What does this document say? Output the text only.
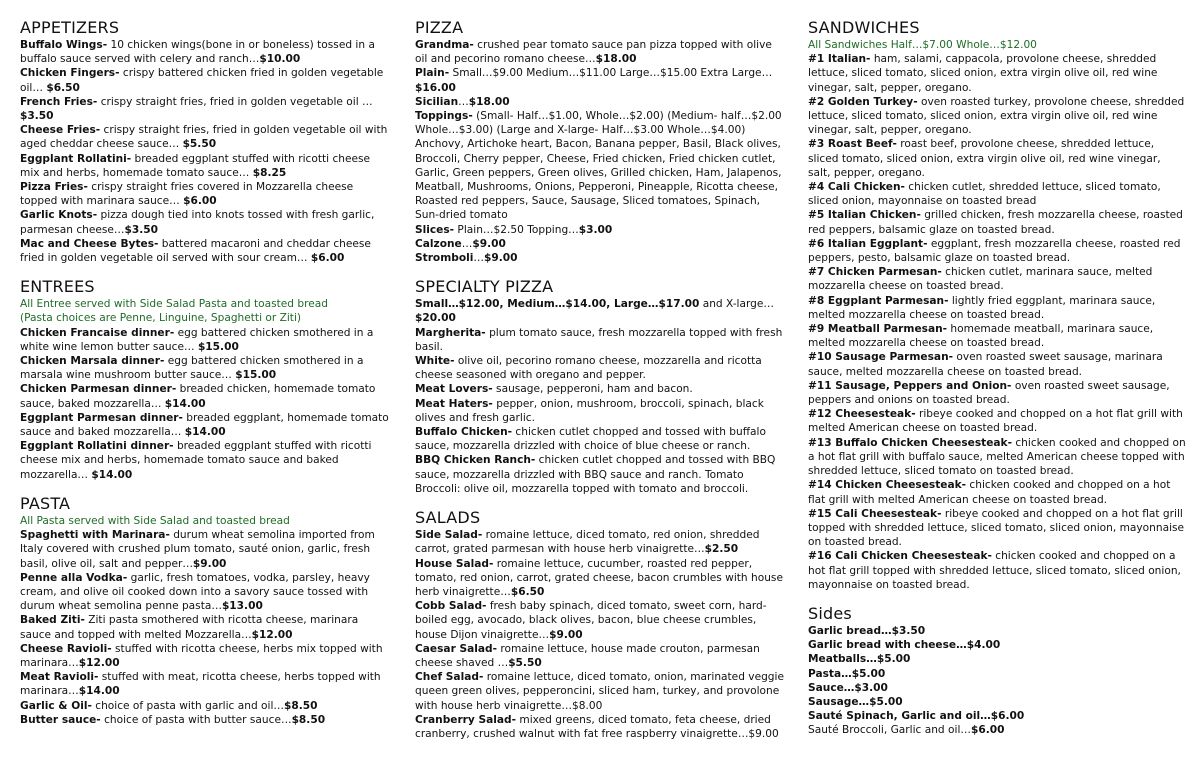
APPETIZERS
Buffalo Wings- 10 chicken wings(bone in or boneless) tossed in a buffalo sauce served with celery and ranch…$10.00
Chicken Fingers- crispy battered chicken fried in golden vegetable oil… $6.50
French Fries- crispy straight fries, fried in golden vegetable oil … $3.50
Cheese Fries- crispy straight fries, fried in golden vegetable oil with aged cheddar cheese sauce… $5.50
Eggplant Rollatini- breaded eggplant stuffed with ricotti cheese mix and herbs, homemade tomato sauce… $8.25
Pizza Fries- crispy straight fries covered in Mozzarella cheese topped with marinara sauce… $6.00
Garlic Knots- pizza dough tied into knots tossed with fresh garlic, parmesan cheese…$3.50
Mac and Cheese Bytes- battered macaroni and cheddar cheese fried in golden vegetable oil served with sour cream… $6.00
ENTREES
All Entree served with Side Salad Pasta and toasted bread
(Pasta choices are Penne, Linguine, Spaghetti or Ziti)
Chicken Francaise dinner- egg battered chicken smothered in a white wine lemon butter sauce… $15.00
Chicken Marsala dinner- egg battered chicken smothered in a marsala wine mushroom butter sauce… $15.00
Chicken Parmesan dinner- breaded chicken, homemade tomato sauce, baked mozzarella… $14.00
Eggplant Parmesan dinner- breaded eggplant, homemade tomato sauce and baked mozzarella… $14.00
Eggplant Rollatini dinner- breaded eggplant stuffed with ricotti cheese mix and herbs, homemade tomato sauce and baked mozzarella… $14.00
PASTA
All Pasta served with Side Salad and toasted bread
Spaghetti with Marinara- durum wheat semolina imported from Italy covered with crushed plum tomato, sauté onion, garlic, fresh basil, olive oil, salt and pepper…$9.00
Penne alla Vodka- garlic, fresh tomatoes, vodka, parsley, heavy cream, and olive oil cooked down into a savory sauce tossed with durum wheat semolina penne pasta…$13.00
Baked Ziti- Ziti pasta smothered with ricotta cheese, marinara sauce and topped with melted Mozzarella…$12.00
Cheese Ravioli- stuffed with ricotta cheese, herbs mix topped with marinara…$12.00
Meat Ravioli- stuffed with meat, ricotta cheese, herbs topped with marinara…$14.00
Garlic & Oil- choice of pasta with garlic and oil…$8.50
Butter sauce- choice of pasta with butter sauce…$8.50
PIZZA
Grandma- crushed pear tomato sauce pan pizza topped with olive oil and pecorino romano cheese…$18.00
Plain- Small…$9.00 Medium…$11.00 Large…$15.00 Extra Large…$16.00
Sicilian…$18.00
Toppings- (Small- Half…$1.00, Whole…$2.00) (Medium- half…$2.00 Whole…$3.00) (Large and X-large- Half…$3.00 Whole…$4.00)
Anchovy, Artichoke heart, Bacon, Banana pepper, Basil, Black olives, Broccoli, Cherry pepper, Cheese, Fried chicken, Fried chicken cutlet, Garlic, Green peppers, Green olives, Grilled chicken, Ham, Jalapenos, Meatball, Mushrooms, Onions, Pepperoni, Pineapple, Ricotta cheese, Roasted red peppers, Sauce, Sausage, Sliced tomatoes, Spinach, Sun-dried tomato
Slices- Plain…$2.50 Topping…$3.00
Calzone…$9.00
Stromboli…$9.00
SPECIALTY PIZZA
Small…$12.00, Medium…$14.00, Large…$17.00 and X-large…$20.00
Margherita- plum tomato sauce, fresh mozzarella topped with fresh basil.
White- olive oil, pecorino romano cheese, mozzarella and ricotta cheese seasoned with oregano and pepper.
Meat Lovers- sausage, pepperoni, ham and bacon.
Meat Haters- pepper, onion, mushroom, broccoli, spinach, black olives and fresh garlic.
Buffalo Chicken- chicken cutlet chopped and tossed with buffalo sauce, mozzarella drizzled with choice of blue cheese or ranch.
BBQ Chicken Ranch- chicken cutlet chopped and tossed with BBQ sauce, mozzarella drizzled with BBQ sauce and ranch. Tomato Broccoli: olive oil, mozzarella topped with tomato and broccoli.
SALADS
Side Salad- romaine lettuce, diced tomato, red onion, shredded carrot, grated parmesan with house herb vinaigrette…$2.50
House Salad- romaine lettuce, cucumber, roasted red pepper, tomato, red onion, carrot, grated cheese, bacon crumbles with house herb vinaigrette…$6.50
Cobb Salad- fresh baby spinach, diced tomato, sweet corn, hard-boiled egg, avocado, black olives, bacon, blue cheese crumbles, house Dijon vinaigrette…$9.00
Caesar Salad- romaine lettuce, house made crouton, parmesan cheese shaved …$5.50
Chef Salad- romaine lettuce, diced tomato, onion, marinated veggie queen green olives, pepperoncini, sliced ham, turkey, and provolone with house herb vinaigrette…$8.00
Cranberry Salad- mixed greens, diced tomato, feta cheese, dried cranberry, crushed walnut with fat free raspberry vinaigrette…$9.00
SANDWICHES
All Sandwiches Half…$7.00 Whole…$12.00
#1 Italian- ham, salami, cappacola, provolone cheese, shredded lettuce, sliced tomato, sliced onion, extra virgin olive oil, red wine vinegar, salt, pepper, oregano.
#2 Golden Turkey- oven roasted turkey, provolone cheese, shredded lettuce, sliced tomato, sliced onion, extra virgin olive oil, red wine vinegar, salt, pepper, oregano.
#3 Roast Beef- roast beef, provolone cheese, shredded lettuce, sliced tomato, sliced onion, extra virgin olive oil, red wine vinegar, salt, pepper, oregano.
#4 Cali Chicken- chicken cutlet, shredded lettuce, sliced tomato, sliced onion, mayonnaise on toasted bread
#5 Italian Chicken- grilled chicken, fresh mozzarella cheese, roasted red peppers, balsamic glaze on toasted bread.
#6 Italian Eggplant- eggplant, fresh mozzarella cheese, roasted red peppers, pesto, balsamic glaze on toasted bread.
#7 Chicken Parmesan- chicken cutlet, marinara sauce, melted mozzarella cheese on toasted bread.
#8 Eggplant Parmesan- lightly fried eggplant, marinara sauce, melted mozzarella cheese on toasted bread.
#9 Meatball Parmesan- homemade meatball, marinara sauce, melted mozzarella cheese on toasted bread.
#10 Sausage Parmesan- oven roasted sweet sausage, marinara sauce, melted mozzarella cheese on toasted bread.
#11 Sausage, Peppers and Onion- oven roasted sweet sausage, peppers and onions on toasted bread.
#12 Cheesesteak- ribeye cooked and chopped on a hot flat grill with melted American cheese on toasted bread.
#13 Buffalo Chicken Cheesesteak- chicken cooked and chopped on a hot flat grill with buffalo sauce, melted American cheese topped with shredded lettuce, sliced tomato on toasted bread.
#14 Chicken Cheesesteak- chicken cooked and chopped on a hot flat grill with melted American cheese on toasted bread.
#15 Cali Cheesesteak- ribeye cooked and chopped on a hot flat grill topped with shredded lettuce, sliced tomato, sliced onion, mayonnaise on toasted bread.
#16 Cali Chicken Cheesesteak- chicken cooked and chopped on a hot flat grill topped with shredded lettuce, sliced tomato, sliced onion, mayonnaise on toasted bread.
Sides
Garlic bread…$3.50
Garlic bread with cheese…$4.00
Meatballs…$5.00
Pasta…$5.00
Sauce…$3.00
Sausage…$5.00
Sauté Spinach, Garlic and oil…$6.00
Sauté Broccoli, Garlic and oil…$6.00
